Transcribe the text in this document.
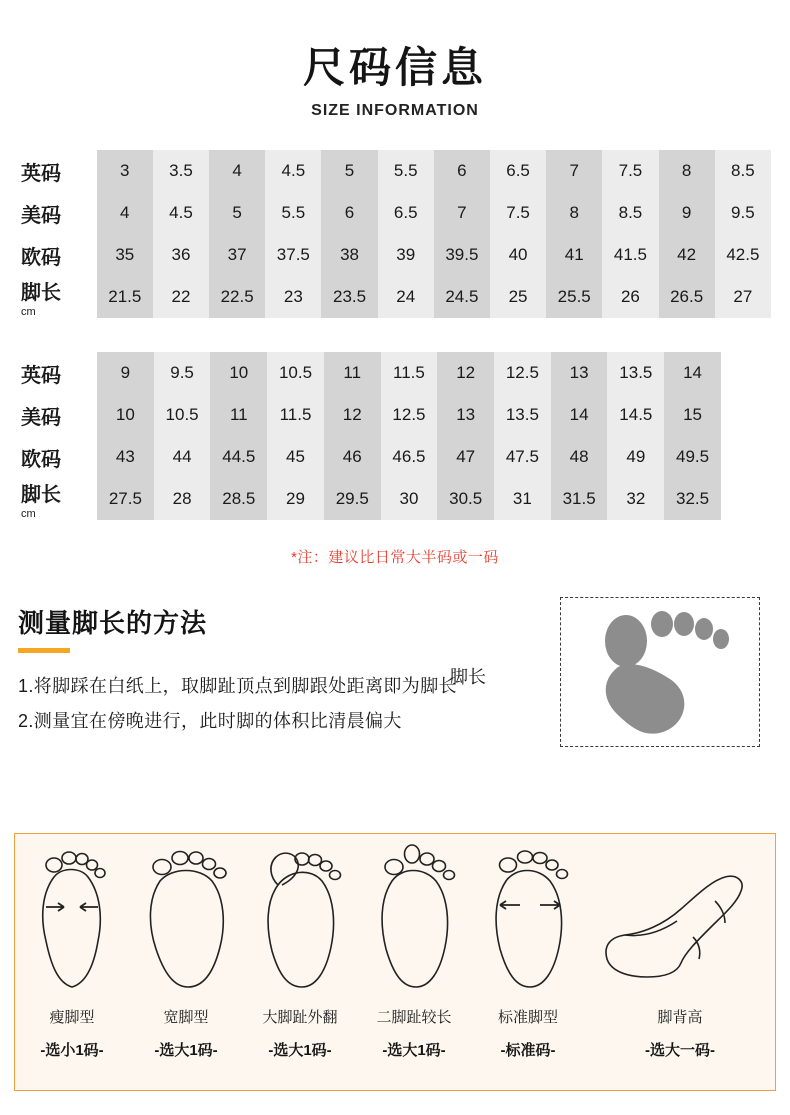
尺码信息
SIZE INFORMATION
英码	3	3.5	4	4.5	5	5.5	6	6.5	7	7.5	8	8.5
美码	4	4.5	5	5.5	6	6.5	7	7.5	8	8.5	9	9.5
欧码	35	36	37	37.5	38	39	39.5	40	41	41.5	42	42.5
脚长
cm	21.5	22	22.5	23	23.5	24	24.5	25	25.5	26	26.5	27
英码	9	9.5	10	10.5	11	11.5	12	12.5	13	13.5	14
美码	10	10.5	11	11.5	12	12.5	13	13.5	14	14.5	15
欧码	43	44	44.5	45	46	46.5	47	47.5	48	49	49.5
脚长
cm	27.5	28	28.5	29	29.5	30	30.5	31	31.5	32	32.5
*注：建议比日常大半码或一码
测量脚长的方法
1.将脚踩在白纸上，取脚趾顶点到脚跟处距离即为脚长
2.测量宜在傍晚进行，此时脚的体积比清晨偏大
脚长
瘦脚型
-选小1码-
宽脚型
-选大1码-
大脚趾外翻
-选大1码-
二脚趾较长
-选大1码-
标准脚型
-标准码-
脚背高
-选大一码-
